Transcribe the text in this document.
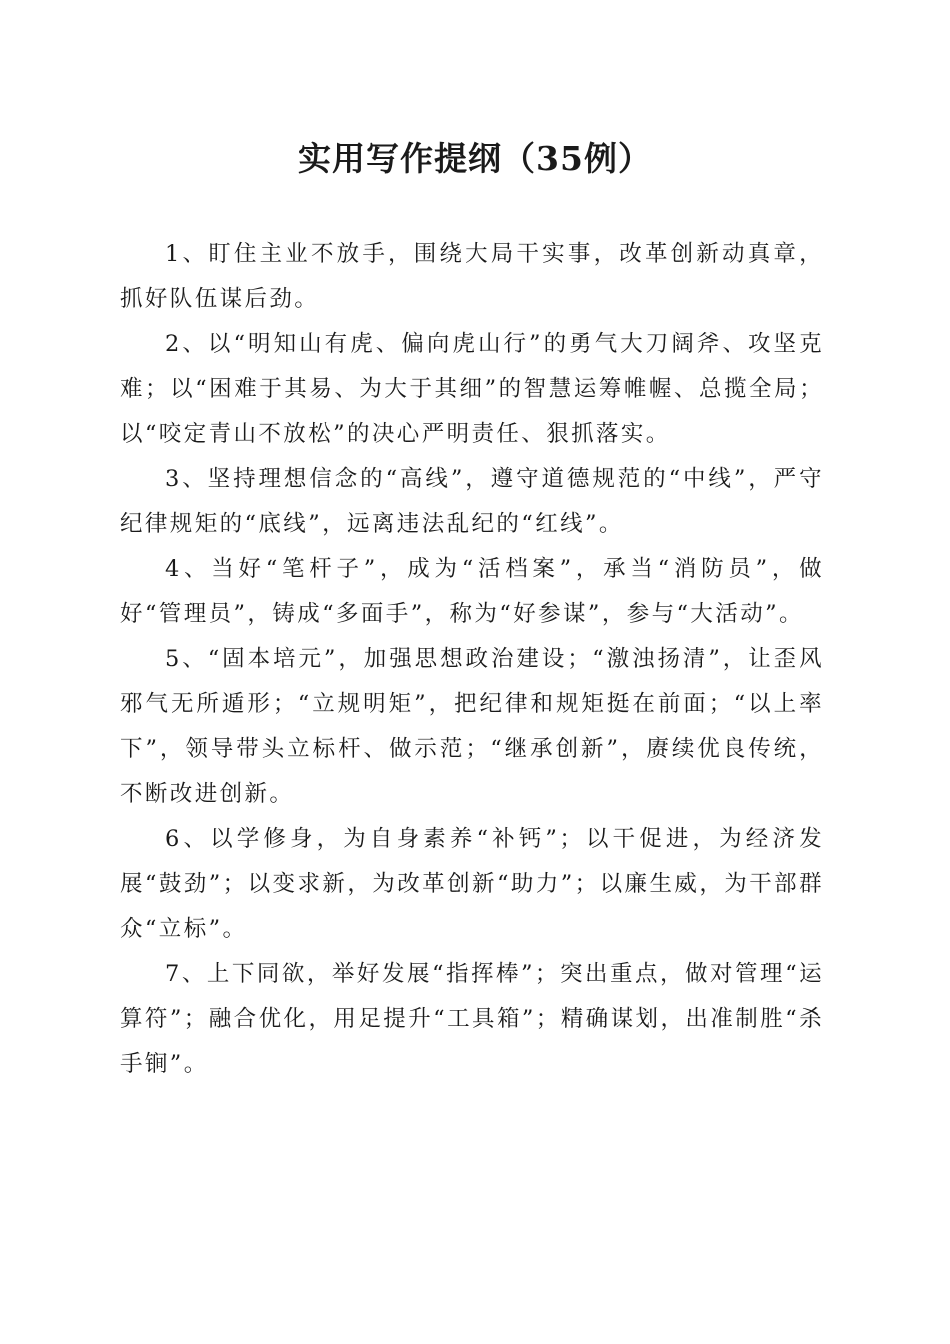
实用写作提纲（35例）

1、盯住主业不放手，围绕大局干实事，改革创新动真章，抓好队伍谋后劲。

2、以“明知山有虎、偏向虎山行”的勇气大刀阔斧、攻坚克难；以“困难于其易、为大于其细”的智慧运筹帷幄、总揽全局；以“咬定青山不放松”的决心严明责任、狠抓落实。

3、坚持理想信念的“高线”，遵守道德规范的“中线”，严守纪律规矩的“底线”，远离违法乱纪的“红线”。

4、当好“笔杆子”，成为“活档案”，承当“消防员”，做好“管理员”，铸成“多面手”，称为“好参谋”，参与“大活动”。

5、“固本培元”，加强思想政治建设；“激浊扬清”，让歪风邪气无所遁形；“立规明矩”，把纪律和规矩挺在前面；“以上率下”，领导带头立标杆、做示范；“继承创新”，赓续优良传统，不断改进创新。

6、以学修身，为自身素养“补钙”；以干促进，为经济发展“鼓劲”；以变求新，为改革创新“助力”；以廉生威，为干部群众“立标”。

7、上下同欲，举好发展“指挥棒”；突出重点，做对管理“运算符”；融合优化，用足提升“工具箱”；精确谋划，出准制胜“杀手锏”。
